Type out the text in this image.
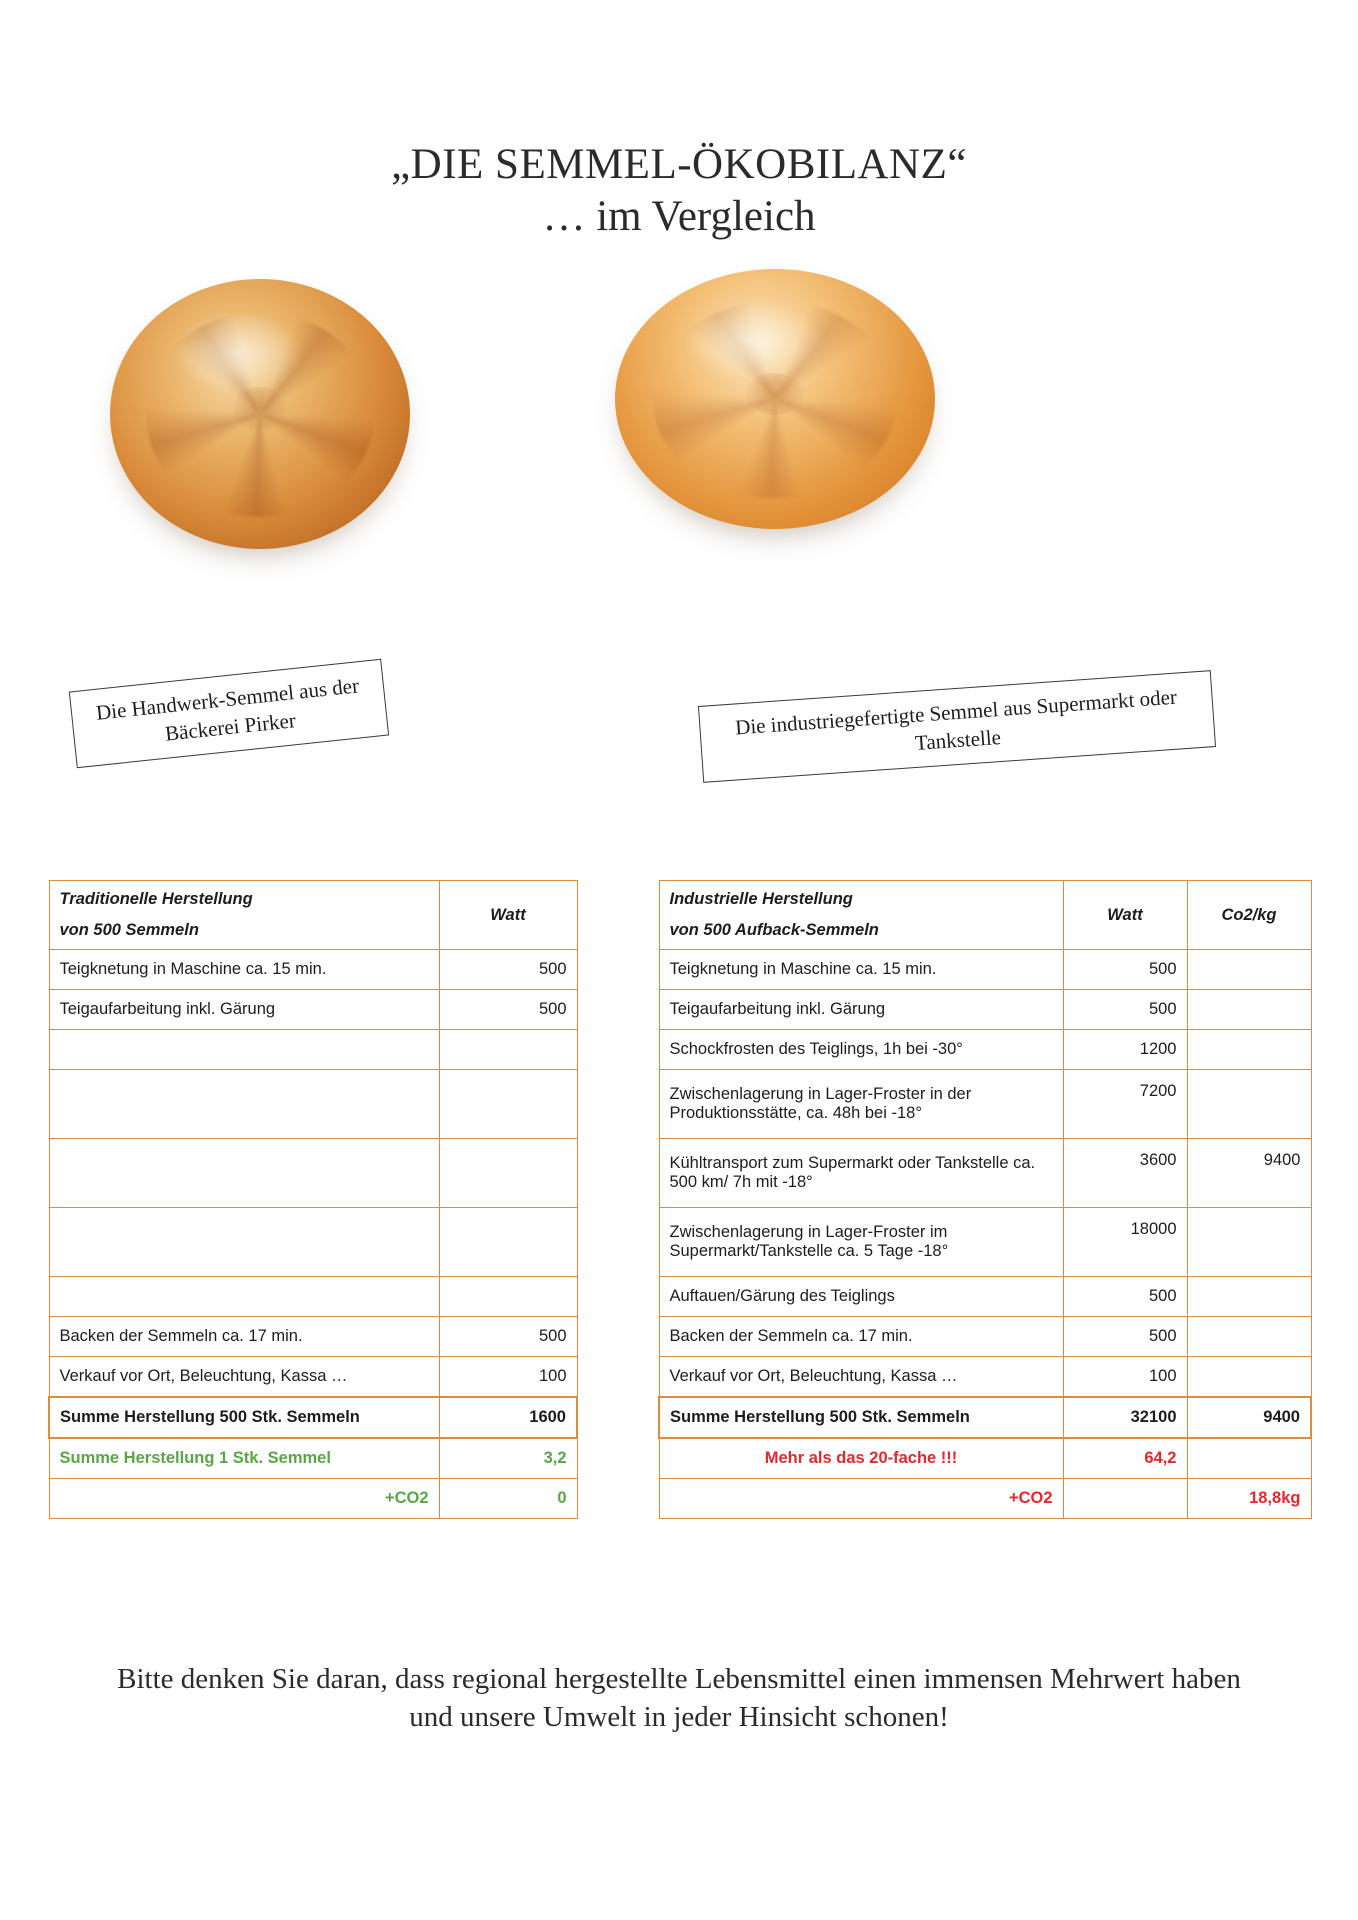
„DIE SEMMEL-ÖKOBILANZ“
… im Vergleich
Die Handwerk-Semmel aus der Bäckerei Pirker	Die industriegefertigte Semmel aus Supermarkt oder Tankstelle
Traditionelle Herstellung
von 500 Semmeln	Watt
Teigknetung in Maschine ca. 15 min.	500
Teigaufarbeitung inkl. Gärung	500

Backen der Semmeln ca. 17 min.	500
Verkauf vor Ort, Beleuchtung, Kassa …	100
Summe Herstellung 500 Stk. Semmeln	1600
Summe Herstellung 1 Stk. Semmel	3,2
+CO2	0
Industrielle Herstellung
von 500 Aufback-Semmeln	Watt	Co2/kg
Teigknetung in Maschine ca. 15 min.	500	
Teigaufarbeitung inkl. Gärung	500	
Schockfrosten des Teiglings, 1h bei -30°	1200	
Zwischenlagerung in Lager-Froster in der Produktionsstätte, ca. 48h bei -18°	7200	
Kühltransport zum Supermarkt oder Tankstelle ca. 500 km/ 7h mit -18°	3600	9400
Zwischenlagerung in Lager-Froster im Supermarkt/Tankstelle ca. 5 Tage -18°	18000	
Auftauen/Gärung des Teiglings	500	
Backen der Semmeln ca. 17 min.	500	
Verkauf vor Ort, Beleuchtung, Kassa …	100	
Summe Herstellung 500 Stk. Semmeln	32100	9400
Mehr als das 20-fache !!!	64,2	
+CO2		18,8kg
Bitte denken Sie daran, dass regional hergestellte Lebensmittel einen immensen Mehrwert haben und unsere Umwelt in jeder Hinsicht schonen!
